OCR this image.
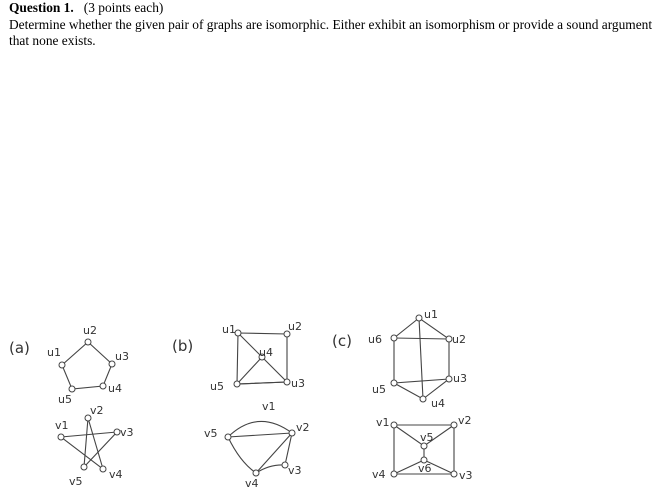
Question 1. (3 points each)
Determine whether the given pair of graphs are isomorphic. Either exhibit an isomorphism or provide a sound argument that none exists.
(a) u1
u2
u3
u4
u5
v1
v2
v3
v4
v5
(b)
u1	u2
u4
u3
u5
v1
v2
v5
v3
v4
(c)
u1
u6	u2
u5
u3
u4
v1	v2
v5
v6
v4	v3
